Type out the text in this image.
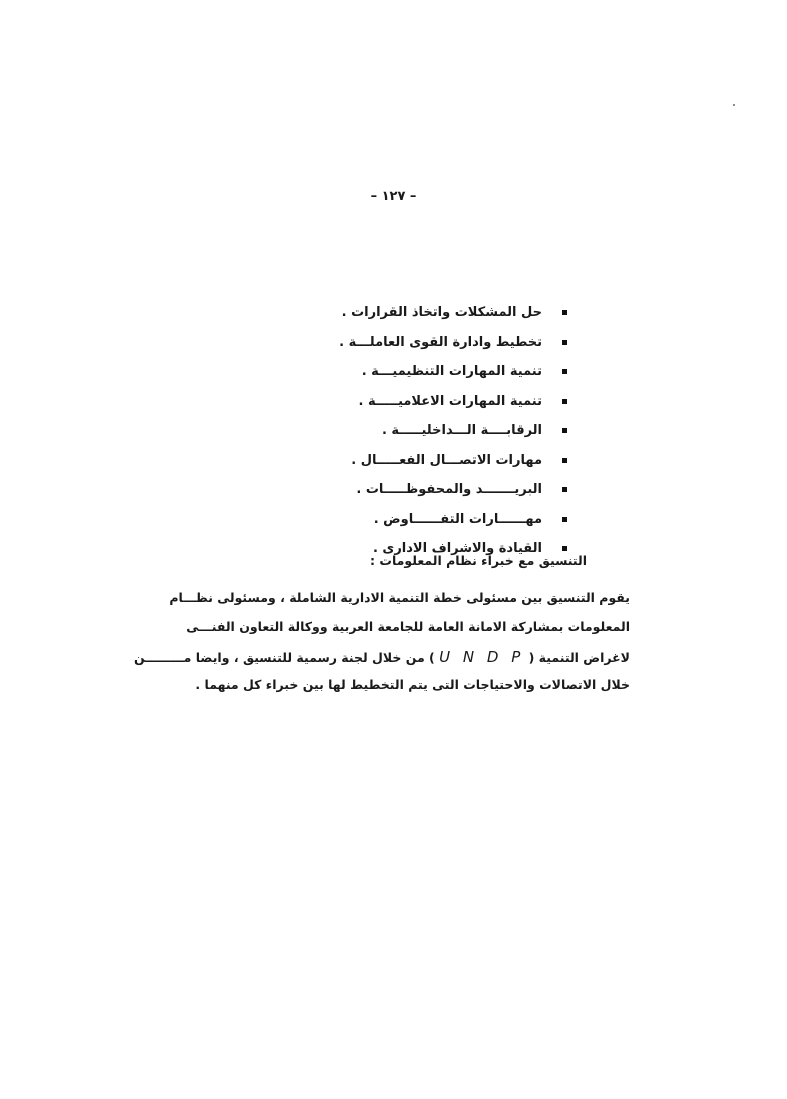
– ١٢٧ –
حل المشكلات واتخاذ القرارات .
تخطيط وادارة القوى العاملـــة .
تنمية المهارات التنظيميـــة .
تنمية المهارات الاعلاميـــــة .
الرقابــــة الـــداخليـــــة .
مهارات الاتصـــال الفعـــــال .
البريـــــــد والمحفوظـــــات .
مهــــــارات التفــــــاوض .
القيادة والاشراف الادارى .
التنسيق مع خبراء نظام المعلومات :
يقوم التنسيق بين مسئولى خطة التنمية الادارية الشاملة ، ومسئولى نظـــام
المعلومات بمشاركة الامانة العامة للجامعة العربية ووكالة التعاون الفنـــى
لاغراض التنمية ( U N D P ) من خلال لجنة رسمية للتنسيق ، وايضا مـــــــــن
خلال الاتصالات والاحتياجات التى يتم التخطيط لها بين خبراء كل منهما .
